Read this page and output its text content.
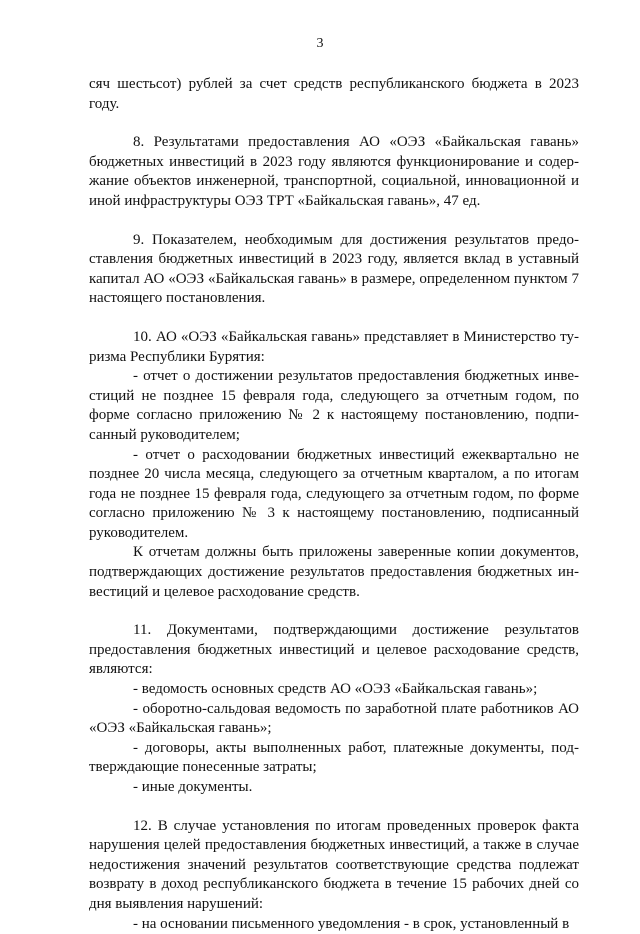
3

сяч шестьсот) рублей за счет средств республиканского бюджета в 2023 году.

8. Результатами предоставления АО «ОЭЗ «Байкальская гавань» бюджетных инвестиций в 2023 году являются функционирование и содержание объектов инженерной, транспортной, социальной, инновационной и иной инфраструктуры ОЭЗ ТРТ «Байкальская гавань», 47 ед.

9. Показателем, необходимым для достижения результатов предоставления бюджетных инвестиций в 2023 году, является вклад в уставный капитал АО «ОЭЗ «Байкальская гавань» в размере, определенном пунктом 7 настоящего постановления.

10. АО «ОЭЗ «Байкальская гавань» представляет в Министерство туризма Республики Бурятия:

- отчет о достижении результатов предоставления бюджетных инвестиций не позднее 15 февраля года, следующего за отчетным годом, по форме согласно приложению № 2 к настоящему постановлению, подписанный руководителем;

- отчет о расходовании бюджетных инвестиций ежеквартально не позднее 20 числа месяца, следующего за отчетным кварталом, а по итогам года не позднее 15 февраля года, следующего за отчетным годом, по форме согласно приложению № 3 к настоящему постановлению, подписанный руководителем.

К отчетам должны быть приложены заверенные копии документов, подтверждающих достижение результатов предоставления бюджетных инвестиций и целевое расходование средств.

11. Документами, подтверждающими достижение результатов предоставления бюджетных инвестиций и целевое расходование средств, являются:

- ведомость основных средств АО «ОЭЗ «Байкальская гавань»;

- оборотно-сальдовая ведомость по заработной плате работников АО «ОЭЗ «Байкальская гавань»;

- договоры, акты выполненных работ, платежные документы, подтверждающие понесенные затраты;

- иные документы.

12. В случае установления по итогам проведенных проверок факта нарушения целей предоставления бюджетных инвестиций, а также в случае недостижения значений результатов соответствующие средства подлежат возврату в доход республиканского бюджета в течение 15 рабочих дней со дня выявления нарушений:

- на основании письменного уведомления - в срок, установленный в
